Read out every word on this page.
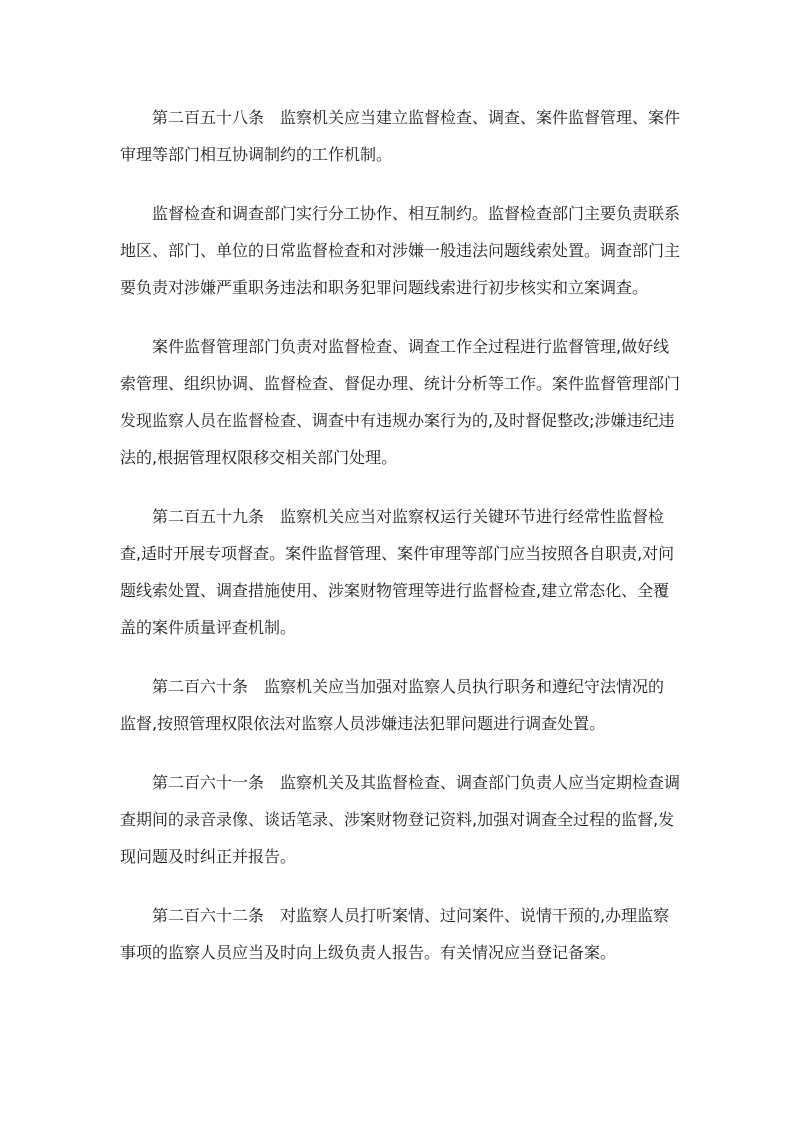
　　第二百五十八条　监察机关应当建立监督检查、调查、案件监督管理、案件
审理等部门相互协调制约的工作机制。

　　监督检查和调查部门实行分工协作、相互制约。监督检查部门主要负责联系
地区、部门、单位的日常监督检查和对涉嫌一般违法问题线索处置。调查部门主
要负责对涉嫌严重职务违法和职务犯罪问题线索进行初步核实和立案调查。

　　案件监督管理部门负责对监督检查、调查工作全过程进行监督管理,做好线
索管理、组织协调、监督检查、督促办理、统计分析等工作。案件监督管理部门
发现监察人员在监督检查、调查中有违规办案行为的,及时督促整改;涉嫌违纪违
法的,根据管理权限移交相关部门处理。

　　第二百五十九条　监察机关应当对监察权运行关键环节进行经常性监督检
查,适时开展专项督查。案件监督管理、案件审理等部门应当按照各自职责,对问
题线索处置、调查措施使用、涉案财物管理等进行监督检查,建立常态化、全覆
盖的案件质量评查机制。

　　第二百六十条　监察机关应当加强对监察人员执行职务和遵纪守法情况的
监督,按照管理权限依法对监察人员涉嫌违法犯罪问题进行调查处置。

　　第二百六十一条　监察机关及其监督检查、调查部门负责人应当定期检查调
查期间的录音录像、谈话笔录、涉案财物登记资料,加强对调查全过程的监督,发
现问题及时纠正并报告。

　　第二百六十二条　对监察人员打听案情、过问案件、说情干预的,办理监察
事项的监察人员应当及时向上级负责人报告。有关情况应当登记备案。
